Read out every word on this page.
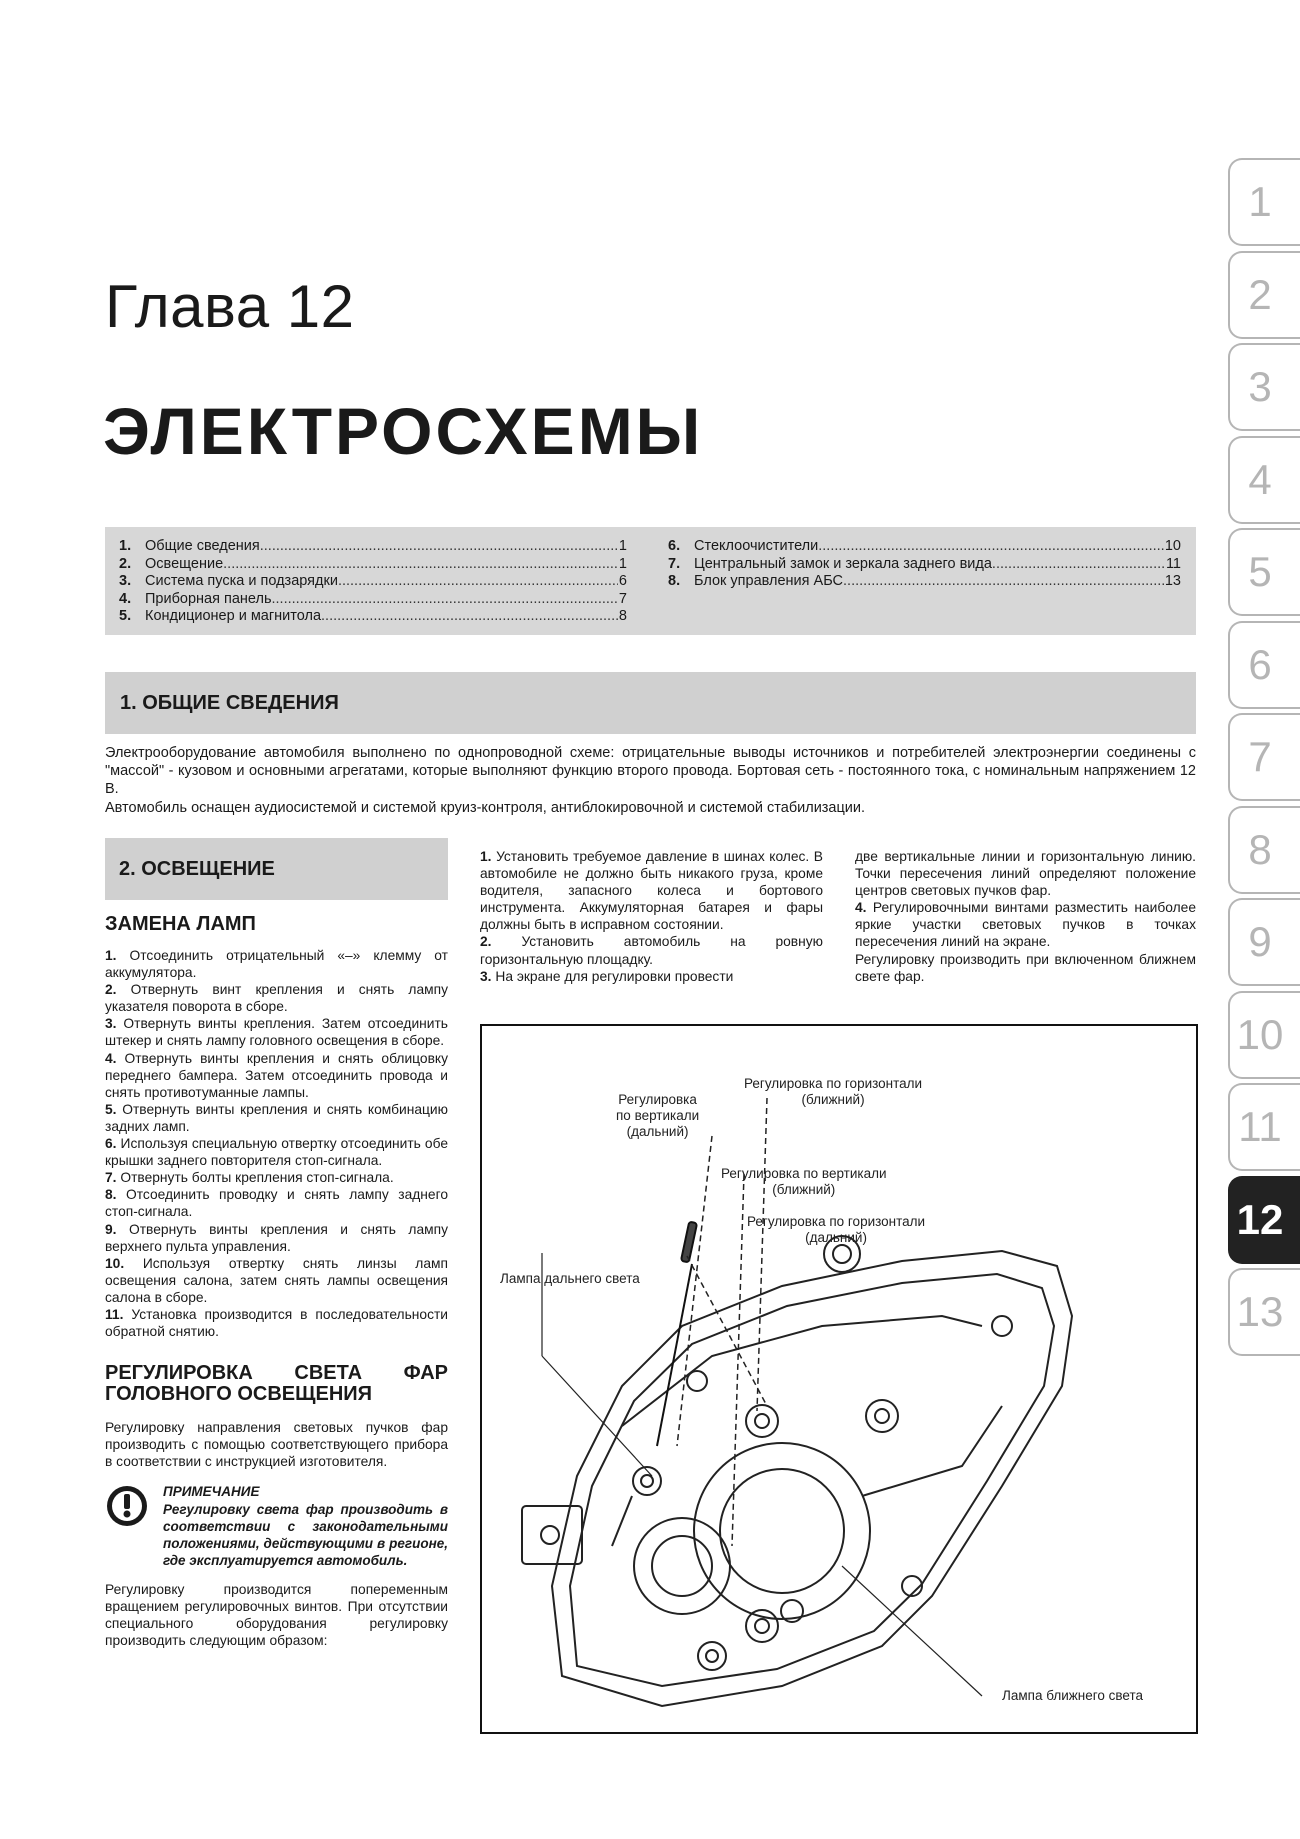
Глава 12
ЭЛЕКТРОСХЕМЫ
1. Общие сведения .....	1
2. Освещение .....	1
3. Система пуска и подзарядки .....	6
4. Приборная панель .....	7
5. Кондиционер и магнитола .....	8
6. Стеклоочистители .....	10
7. Центральный замок и зеркала заднего вида .....	11
8. Блок управления АБС .....	13
1. ОБЩИЕ СВЕДЕНИЯ

Электрооборудование автомобиля выполнено по однопроводной схеме: отрицательные выводы источников и потребителей электроэнергии соединены с "массой" - кузовом и основными агрегатами, которые выполняют функцию второго провода. Бортовая сеть - постоянного тока, с номинальным напряжением 12 В.

Автомобиль оснащен аудиосистемой и системой круиз-контроля, антиблокировочной и системой стабилизации.

2. ОСВЕЩЕНИЕ
ЗАМЕНА ЛАМП

1. Отсоединить отрицательный «–» клемму от аккумулятора.

2. Отвернуть винт крепления и снять лампу указателя поворота в сборе.

3. Отвернуть винты крепления. Затем отсоединить штекер и снять лампу головного освещения в сборе.

4. Отвернуть винты крепления и снять облицовку переднего бампера. Затем отсоединить провода и снять противотуманные лампы.

5. Отвернуть винты крепления и снять комбинацию задних ламп.

6. Используя специальную отвертку отсоединить обе крышки заднего повторителя стоп-сигнала.

7. Отвернуть болты крепления стоп-сигнала.

8. Отсоединить проводку и снять лампу заднего стоп-сигнала.

9. Отвернуть винты крепления и снять лампу верхнего пульта управления.

10. Используя отвертку снять линзы ламп освещения салона, затем снять лампы освещения салона в сборе.

11. Установка производится в последовательности обратной снятию.

РЕГУЛИРОВКА СВЕТА ФАР ГОЛОВНОГО ОСВЕЩЕНИЯ

Регулировку направления световых пучков фар производить с помощью соответствующего прибора в соответствии с инструкцией изготовителя.

ПРИМЕЧАНИЕ
Регулировку света фар производить в соответствии с законодательными положениями, действующими в регионе, где эксплуатируется автомобиль.

Регулировку производится попеременным вращением регулировочных винтов. При отсутствии специального оборудования регулировку производить следующим образом:

1. Установить требуемое давление в шинах колес. В автомобиле не должно быть никакого груза, кроме водителя, запасного колеса и бортового инструмента. Аккумуляторная батарея и фары должны быть в исправном состоянии.

2. Установить автомобиль на ровную горизонтальную площадку.

3. На экране для регулировки провести

две вертикальные линии и горизонтальную линию. Точки пересечения линий определяют положение центров световых пучков фар.

4. Регулировочными винтами разместить наиболее яркие участки световых пучков в точках пересечения линий на экране.

Регулировку производить при включенном ближнем свете фар.

Регулировка
по вертикали
(дальний)
Регулировка по горизонтали
(ближний)
Регулировка по вертикали
(ближний)
Регулировка по горизонтали
(дальний)
Лампа дальнего света
Лампа ближнего света
1
2
3
4
5
6
7
8
9
10
11
12
13
